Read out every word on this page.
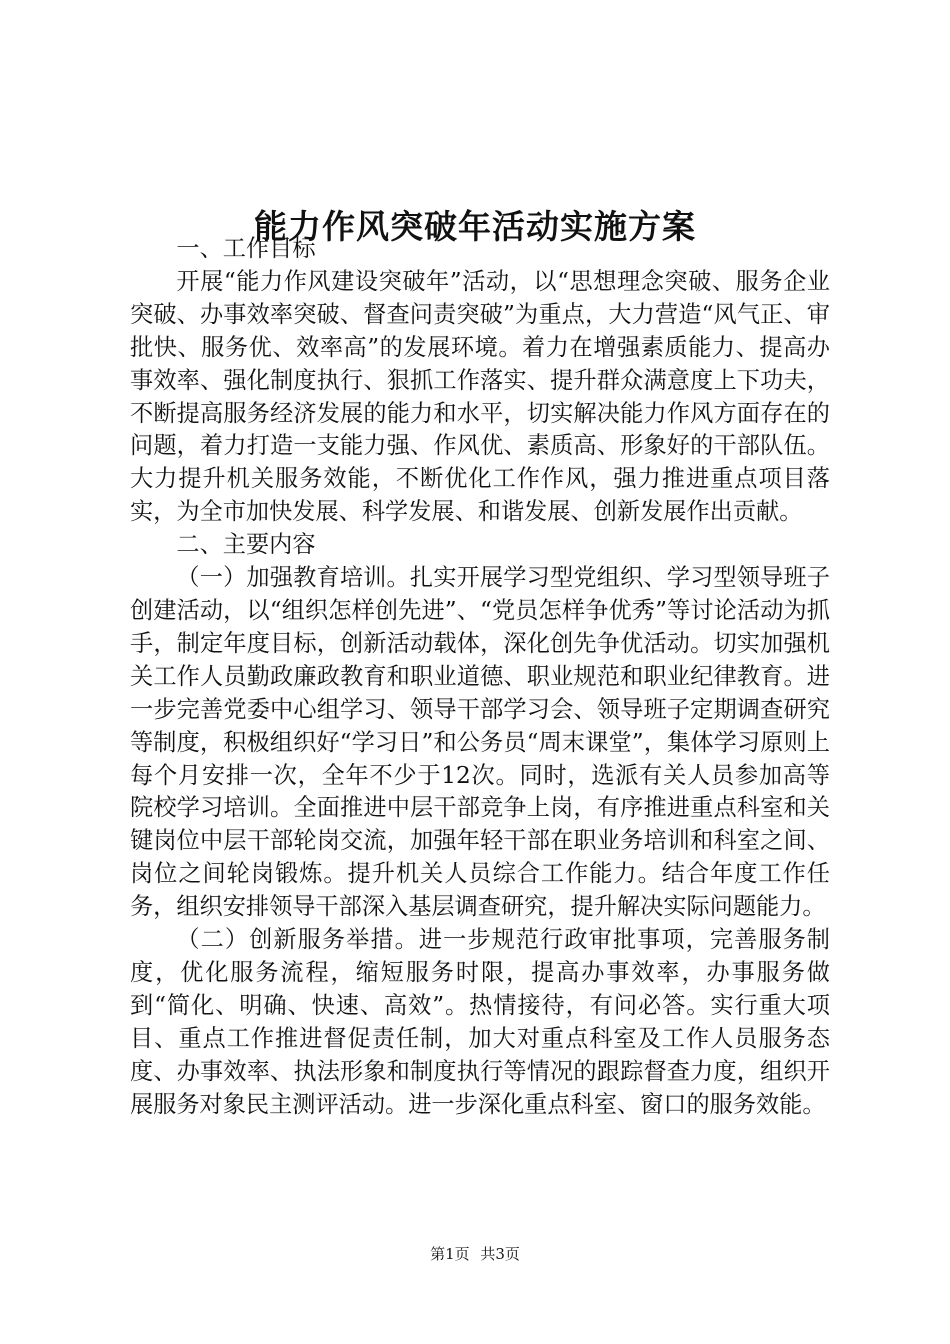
能力作风突破年活动实施方案

一、工作目标

开展“能力作风建设突破年”活动，以“思想理念突破、服务企业突破、办事效率突破、督查问责突破”为重点，大力营造“风气正、审批快、服务优、效率高”的发展环境。着力在增强素质能力、提高办事效率、强化制度执行、狠抓工作落实、提升群众满意度上下功夫，不断提高服务经济发展的能力和水平，切实解决能力作风方面存在的问题，着力打造一支能力强、作风优、素质高、形象好的干部队伍。大力提升机关服务效能，不断优化工作作风，强力推进重点项目落实，为全市加快发展、科学发展、和谐发展、创新发展作出贡献。

二、主要内容

（一）加强教育培训。扎实开展学习型党组织、学习型领导班子创建活动，以“组织怎样创先进”、“党员怎样争优秀”等讨论活动为抓手，制定年度目标，创新活动载体，深化创先争优活动。切实加强机关工作人员勤政廉政教育和职业道德、职业规范和职业纪律教育。进一步完善党委中心组学习、领导干部学习会、领导班子定期调查研究等制度，积极组织好“学习日”和公务员“周末课堂”，集体学习原则上每个月安排一次，全年不少于12次。同时，选派有关人员参加高等院校学习培训。全面推进中层干部竞争上岗，有序推进重点科室和关键岗位中层干部轮岗交流，加强年轻干部在职业务培训和科室之间、岗位之间轮岗锻炼。提升机关人员综合工作能力。结合年度工作任务，组织安排领导干部深入基层调查研究，提升解决实际问题能力。

（二）创新服务举措。进一步规范行政审批事项，完善服务制度，优化服务流程，缩短服务时限，提高办事效率，办事服务做到“简化、明确、快速、高效”。热情接待，有问必答。实行重大项目、重点工作推进督促责任制，加大对重点科室及工作人员服务态度、办事效率、执法形象和制度执行等情况的跟踪督查力度，组织开展服务对象民主测评活动。进一步深化重点科室、窗口的服务效能。

第1页 共3页
